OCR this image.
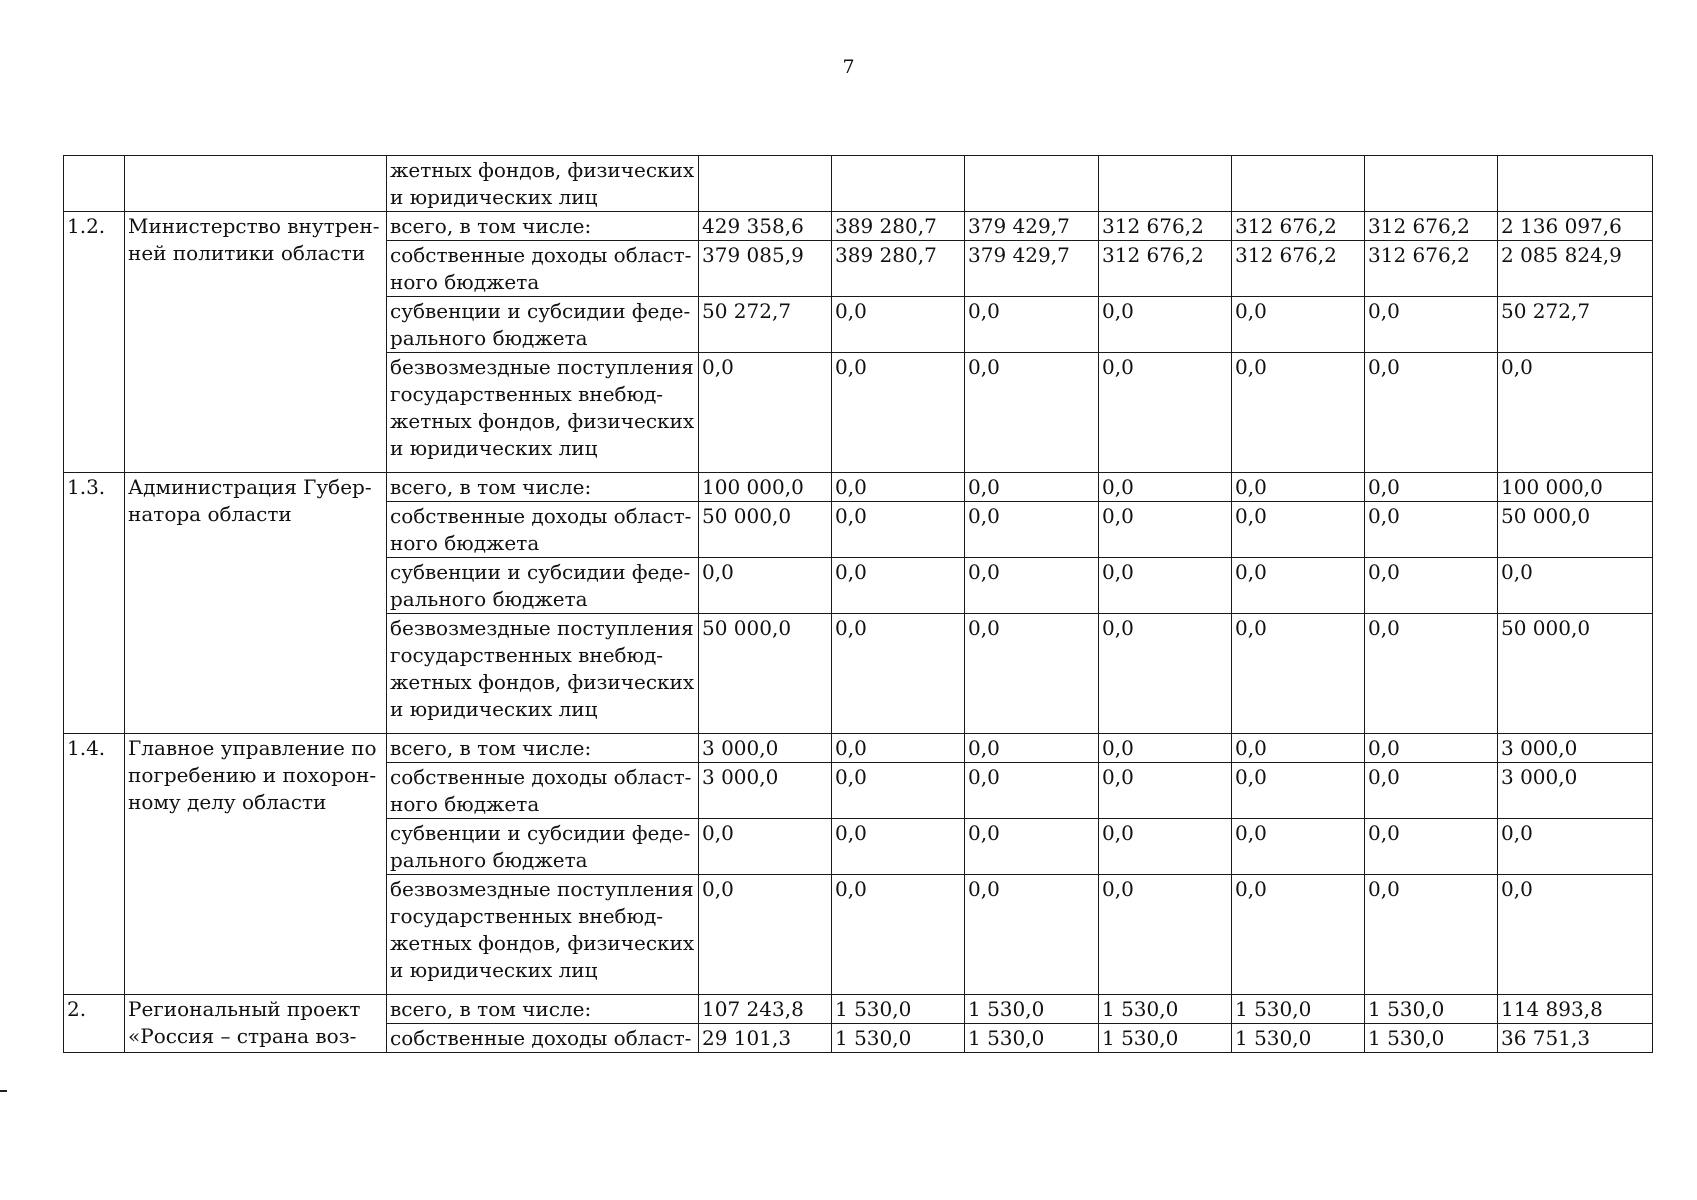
7
		жетных фондов, физических и юридических лиц							
1.2.	Министерство внутрен-ней политики области	всего, в том числе:	429 358,6	389 280,7	379 429,7	312 676,2	312 676,2	312 676,2	2 136 097,6
		собственные доходы област-ного бюджета	379 085,9	389 280,7	379 429,7	312 676,2	312 676,2	312 676,2	2 085 824,9
		субвенции и субсидии феде-рального бюджета	50 272,7	0,0	0,0	0,0	0,0	0,0	50 272,7
		безвозмездные поступления государственных внебюд-жетных фондов, физических и юридических лиц	0,0	0,0	0,0	0,0	0,0	0,0	0,0
1.3.	Администрация Губер-натора области	всего, в том числе:	100 000,0	0,0	0,0	0,0	0,0	0,0	100 000,0
		собственные доходы област-ного бюджета	50 000,0	0,0	0,0	0,0	0,0	0,0	50 000,0
		субвенции и субсидии феде-рального бюджета	0,0	0,0	0,0	0,0	0,0	0,0	0,0
		безвозмездные поступления государственных внебюд-жетных фондов, физических и юридических лиц	50 000,0	0,0	0,0	0,0	0,0	0,0	50 000,0
1.4.	Главное управление по погребению и похорон-ному делу области	всего, в том числе:	3 000,0	0,0	0,0	0,0	0,0	0,0	3 000,0
		собственные доходы област-ного бюджета	3 000,0	0,0	0,0	0,0	0,0	0,0	3 000,0
		субвенции и субсидии феде-рального бюджета	0,0	0,0	0,0	0,0	0,0	0,0	0,0
		безвозмездные поступления государственных внебюд-жетных фондов, физических и юридических лиц	0,0	0,0	0,0	0,0	0,0	0,0	0,0
2.	Региональный проект «Россия – страна воз-	всего, в том числе:	107 243,8	1 530,0	1 530,0	1 530,0	1 530,0	1 530,0	114 893,8
		собственные доходы област-	29 101,3	1 530,0	1 530,0	1 530,0	1 530,0	1 530,0	36 751,3
